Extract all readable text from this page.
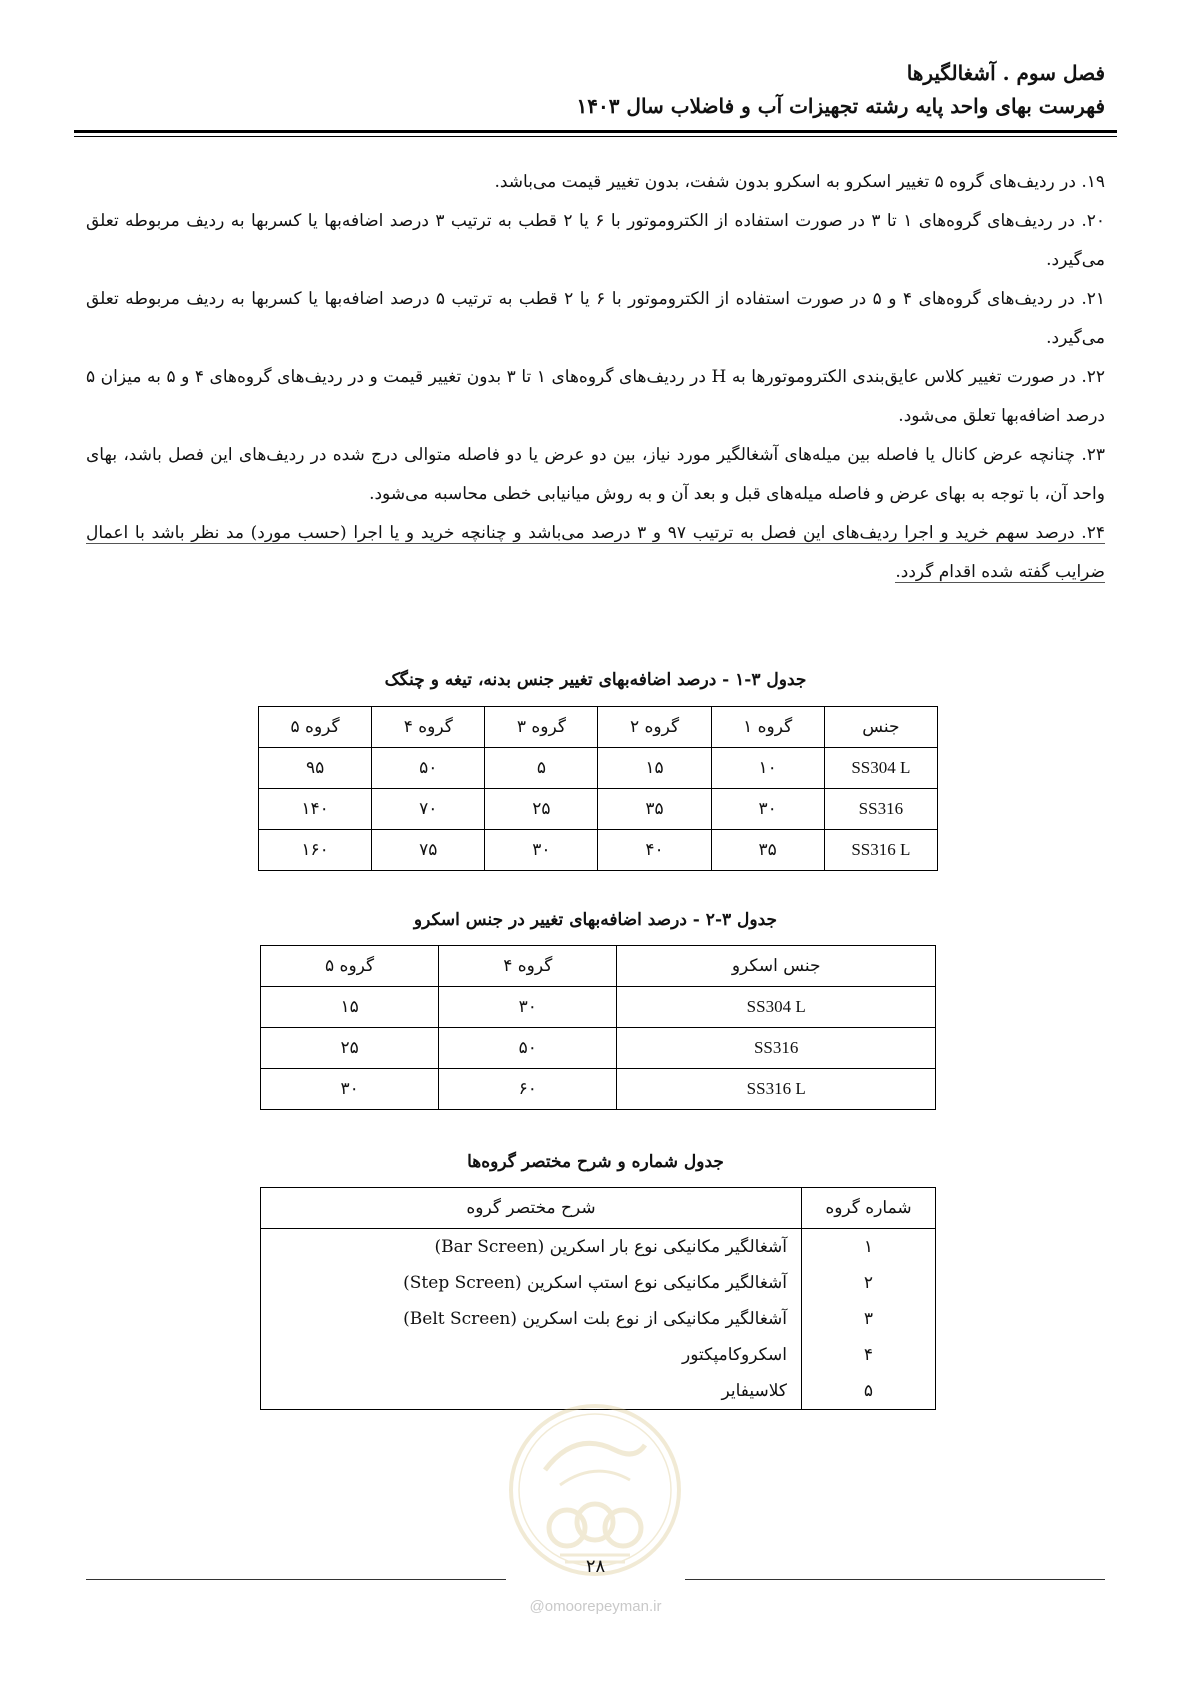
فصل سوم . آشغالگیرها
فهرست بهای واحد پایه رشته تجهیزات آب و فاضلاب سال ۱۴۰۳

۱۹. در ردیف‌های گروه ۵ تغییر اسکرو به اسکرو بدون شفت، بدون تغییر قیمت می‌باشد.

۲۰. در ردیف‌های گروه‌های ۱ تا ۳ در صورت استفاده از الکتروموتور با ۶ یا ۲ قطب به ترتیب ۳ درصد اضافه‌بها یا کسربها به ردیف مربوطه تعلق می‌گیرد.

۲۱. در ردیف‌های گروه‌های ۴ و ۵ در صورت استفاده از الکتروموتور با ۶ یا ۲ قطب به ترتیب ۵ درصد اضافه‌بها یا کسربها به ردیف مربوطه تعلق می‌گیرد.

۲۲. در صورت تغییر کلاس عایق‌بندی الکتروموتورها به H در ردیف‌های گروه‌های ۱ تا ۳ بدون تغییر قیمت و در ردیف‌های گروه‌های ۴ و ۵ به میزان ۵ درصد اضافه‌بها تعلق می‌شود.

۲۳. چنانچه عرض کانال یا فاصله بین میله‌های آشغالگیر مورد نیاز، بین دو عرض یا دو فاصله متوالی درج شده در ردیف‌های این فصل باشد، بهای واحد آن، با توجه به بهای عرض و فاصله میله‌های قبل و بعد آن و به روش میانیابی خطی محاسبه می‌شود.

۲۴. درصد سهم خرید و اجرا ردیف‌های این فصل به ترتیب ۹۷ و ۳ درصد می‌باشد و چنانچه خرید و یا اجرا (حسب مورد) مد نظر باشد با اعمال ضرایب گفته شده اقدام گردد.

جدول ۳-۱ - درصد اضافه‌بهای تغییر جنس بدنه، تیغه و چنگک
جنس	گروه ۱	گروه ۲	گروه ۳	گروه ۴	گروه ۵
SS304 L	۱۰	۱۵	۵	۵۰	۹۵
SS316	۳۰	۳۵	۲۵	۷۰	۱۴۰
SS316 L	۳۵	۴۰	۳۰	۷۵	۱۶۰
جدول ۳-۲ - درصد اضافه‌بهای تغییر در جنس اسکرو
جنس اسکرو	گروه ۴	گروه ۵
SS304 L	۳۰	۱۵
SS316	۵۰	۲۵
SS316 L	۶۰	۳۰
جدول شماره و شرح مختصر گروه‌ها
شماره گروه	شرح مختصر گروه
۱	آشغالگیر مکانیکی نوع بار اسکرین (Bar Screen)
۲	آشغالگیر مکانیکی نوع استپ اسکرین (Step Screen)
۳	آشغالگیر مکانیکی از نوع بلت اسکرین (Belt Screen)
۴	اسکروکامپکتور
۵	کلاسیفایر
۲۸
@omoorepeyman.ir
